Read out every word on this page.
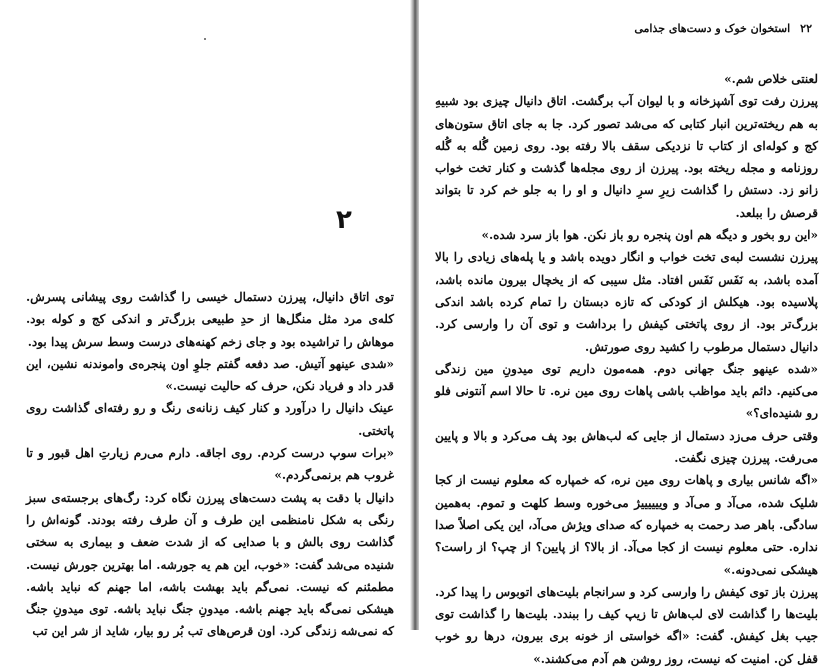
۲

توی اتاق دانیال، پیرزن دستمال خیسی را گذاشت روی پیشانی پسرش. کله‌ی مرد مثل منگل‌ها از حدِ طبیعی بزرگ‌تر و اندکی کج و کوله بود. موهاش را تراشیده بود و جای زخم کهنه‌های درست وسط سرش پیدا بود.

«شدی عینهو آتیش. صد دفعه گفتم جلوِ اون پنجره‌ی واموندنه نشین، این قدر داد و فریاد نکن، حرف که حالیت نیست.»

عینک دانیال را درآورد و کنار کیف زنانه‌ی رنگ و رو رفته‌ای گذاشت روی پاتختی.

«برات سوپ درست کردم. روی اجاقه. دارم می‌رم زیارتِ اهل قبور و تا غروب هم برنمی‌گردم.»

دانیال با دقت به پشت دست‌های پیرزن نگاه کرد: رگ‌های برجسته‌ی سبز رنگی به شکل نامنظمی این طرف و آن طرف رفته بودند. گونه‌اش را گذاشت روی بالش و با صدایی که از شدت ضعف و بیماری به سختی شنیده می‌شد گفت: «خوب، این هم یه جورشه. اما بهترین جورش نیست. مطمئنم که نیست. نمی‌گم باید بهشت باشه، اما جهنم که نباید باشه. هیشکی نمی‌گه باید جهنم باشه. میدونِ جنگ نباید باشه. توی میدونِ جنگ که نمی‌شه زندگی کرد. اون قرص‌های تب بُر رو بیار، شاید از شر این تب

۲۲استخوان خوک و دست‌های جذامی

لعنتی خلاص شم.»

پیرزن رفت توی آشپزخانه و با لیوان آب برگشت. اتاق دانیال چیزی بود شبیهِ به هم ریخته‌ترین انبار کتابی که می‌شد تصور کرد. جا به جای اتاق ستون‌های کج و کوله‌ای از کتاب تا نزدیکی سقف بالا رفته بود. روی زمین گُله به گُله روزنامه و مجله ریخته بود. پیرزن از روی مجله‌ها گذشت و کنار تخت خواب زانو زد. دستش را گذاشت زیرِ سرِ دانیال و او را به جلو خم کرد تا بتواند قرصش را ببلعد.

«این رو بخور و دیگه هم اون پنجره رو باز نکن. هوا باز سرد شده.»

پیرزن نشست لبه‌ی تخت خواب و انگار دویده باشد و یا پله‌های زیادی را بالا آمده باشد، به نَفَس نَفَس افتاد. مثل سیبی که از یخچال بیرون مانده باشد، پلاسیده بود. هیکلش از کودکی که تازه دبستان را تمام کرده باشد اندکی بزرگ‌تر بود. از روی پاتختی کیفش را برداشت و توی آن را وارسی کرد. دانیال دستمال مرطوب را کشید روی صورتش.

«شده عینهو جنگ جهانی دوم. همه‌مون داریم توی میدونِ مین زندگی می‌کنیم. دائم باید مواظب باشی پاهات روی مین نره. تا حالا اسم آنتونی فلو رو شنیده‌ای؟»

وقتی حرف می‌زد دستمال از جایی که لب‌هاش بود پف می‌کرد و بالا و پایین می‌رفت. پیرزن چیزی نگفت.

«اگه شانس بیاری و پاهات روی مین نره، که خمپاره که معلوم نیست از کجا شلیک شده، می‌آد و می‌آد و وییییییژ می‌خوره وسط کلهت و تموم. به‌همین سادگی. باهر صد رحمت به خمپاره که صدای ویژش می‌آد، این یکی اصلاً صدا نداره. حتی معلوم نیست از کجا می‌آد. از بالا؟ از پایین؟ از چپ؟ از راست؟ هیشکی نمی‌دونه.»

پیرزن باز توی کیفش را وارسی کرد و سرانجام بلیت‌های اتوبوس را پیدا کرد. بلیت‌ها را گذاشت لای لب‌هاش تا زیپ کیف را ببندد. بلیت‌ها را گذاشت توی جیب بغل کیفش. گفت: «اگه خواستی از خونه بری بیرون، درها رو خوب قفل کن. امنیت که نیست، روز روشن هم آدم می‌کشند.»
